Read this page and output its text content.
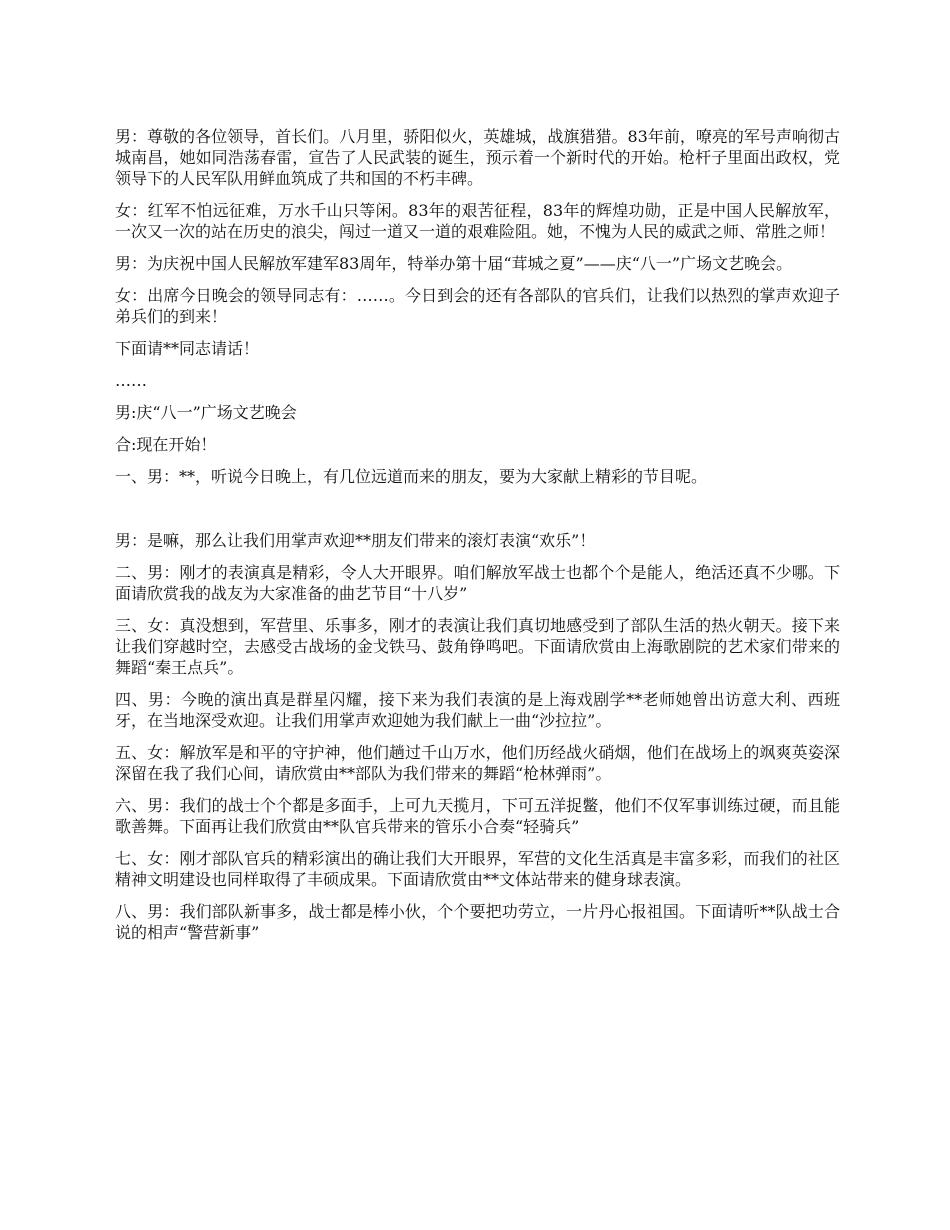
男：尊敬的各位领导，首长们。八月里，骄阳似火，英雄城，战旗猎猎。83年前，嘹亮的军号声响彻古城南昌，她如同浩荡春雷，宣告了人民武装的诞生，预示着一个新时代的开始。枪杆子里面出政权，党领导下的人民军队用鲜血筑成了共和国的不朽丰碑。

女：红军不怕远征难，万水千山只等闲。83年的艰苦征程，83年的辉煌功勋，正是中国人民解放军，一次又一次的站在历史的浪尖，闯过一道又一道的艰难险阻。她，不愧为人民的威武之师、常胜之师！

男：为庆祝中国人民解放军建军83周年，特举办第十届“茸城之夏”——庆“八一”广场文艺晚会。

女：出席今日晚会的领导同志有：……。今日到会的还有各部队的官兵们，让我们以热烈的掌声欢迎子弟兵们的到来！

下面请**同志请话！

……

男:庆“八一”广场文艺晚会

合:现在开始！

一、男：**，听说今日晚上，有几位远道而来的朋友，要为大家献上精彩的节目呢。

男：是嘛，那么让我们用掌声欢迎**朋友们带来的滚灯表演“欢乐”！

二、男：刚才的表演真是精彩，令人大开眼界。咱们解放军战士也都个个是能人，绝活还真不少哪。下面请欣赏我的战友为大家准备的曲艺节目“十八岁”

三、女：真没想到，军营里、乐事多，刚才的表演让我们真切地感受到了部队生活的热火朝天。接下来让我们穿越时空，去感受古战场的金戈铁马、鼓角铮鸣吧。下面请欣赏由上海歌剧院的艺术家们带来的舞蹈“秦王点兵”。

四、男：今晚的演出真是群星闪耀，接下来为我们表演的是上海戏剧学**老师她曾出访意大利、西班牙，在当地深受欢迎。让我们用掌声欢迎她为我们献上一曲“沙拉拉”。

五、女：解放军是和平的守护神，他们趟过千山万水，他们历经战火硝烟，他们在战场上的飒爽英姿深深留在我了我们心间，请欣赏由**部队为我们带来的舞蹈“枪林弹雨”。

六、男：我们的战士个个都是多面手，上可九天揽月，下可五洋捉鳖，他们不仅军事训练过硬，而且能歌善舞。下面再让我们欣赏由**队官兵带来的管乐小合奏“轻骑兵”

七、女：刚才部队官兵的精彩演出的确让我们大开眼界，军营的文化生活真是丰富多彩，而我们的社区精神文明建设也同样取得了丰硕成果。下面请欣赏由**文体站带来的健身球表演。

八、男：我们部队新事多，战士都是棒小伙，个个要把功劳立，一片丹心报祖国。下面请听**队战士合说的相声“警营新事”
